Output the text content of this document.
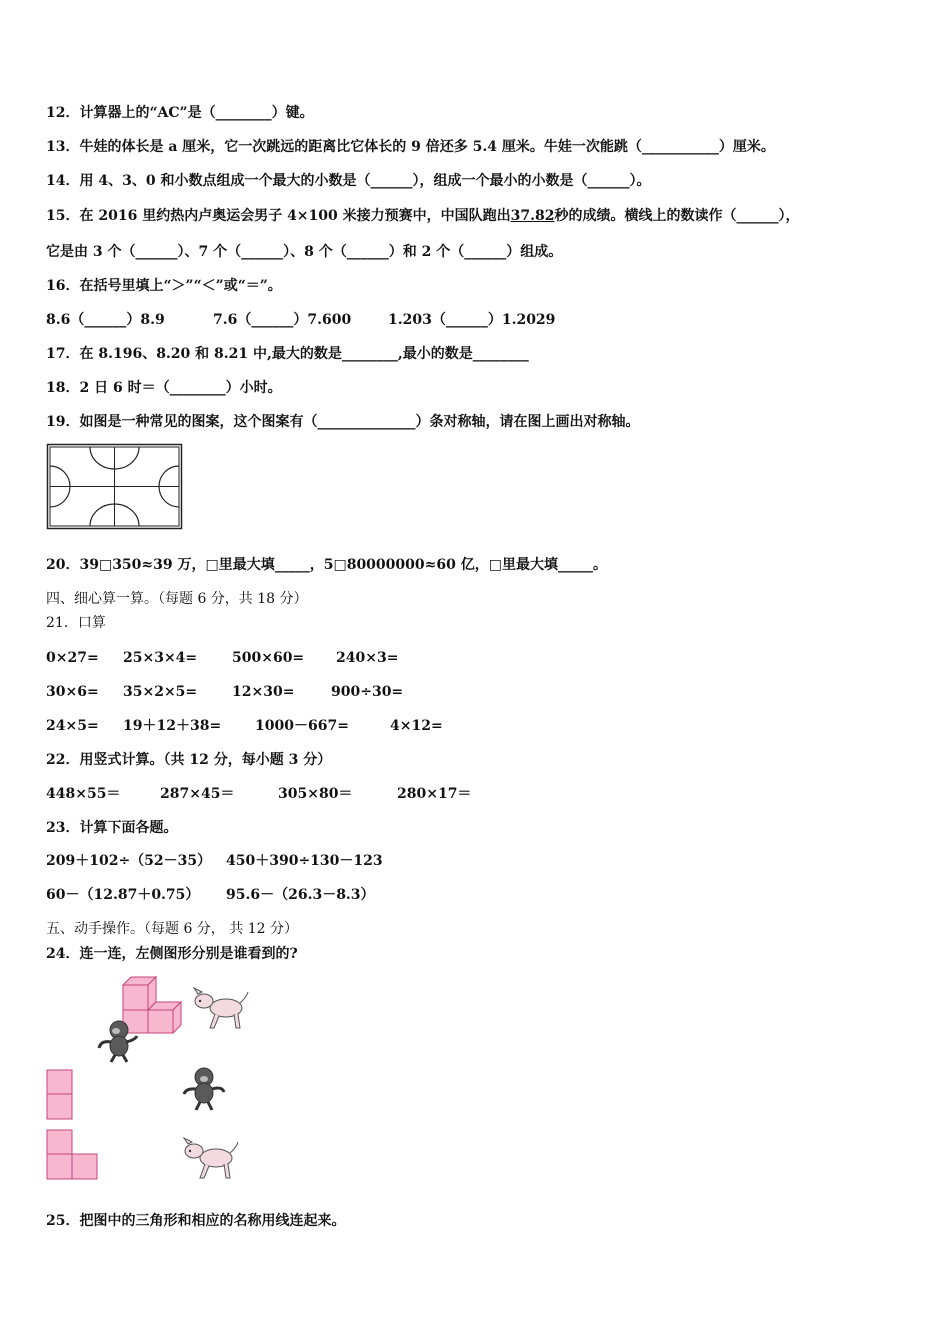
12．计算器上的“AC”是（________）键。
13．牛娃的体长是 a 厘米，它一次跳远的距离比它体长的 9 倍还多 5.4 厘米。牛娃一次能跳（___________）厘米。
14．用 4、3、0 和小数点组成一个最大的小数是（______），组成一个最小的小数是（______）。
15．在 2016 里约热内卢奥运会男子 4×100 米接力预赛中，中国队跑出37.82秒的成绩。横线上的数读作（______），
它是由 3 个（______）、7 个（______）、8 个（______）和 2 个（______）组成。
16．在括号里填上“＞”“＜”或“＝”。
8.6（______）8.9	7.6（______）7.600	1.203（______）1.2029
17．在 8.196、8.20 和 8.21 中,最大的数是________,最小的数是________
18．2 日 6 时＝（________）小时。
19．如图是一种常见的图案，这个图案有（______________）条对称轴，请在图上画出对称轴。
20．39□350≈39 万，□里最大填_____，5□80000000≈60 亿，□里最大填_____。
四、细心算一算。（每题 6 分，共 18 分）
21．口算
0×27= 25×3×4= 500×60= 240×3=
30×6= 35×2×5= 12×30=	900÷30=
24×5= 19＋12＋38= 1000－667=	4×12=
22．用竖式计算。（共 12 分，每小题 3 分）
448×55＝	287×45＝	305×80＝	280×17＝
23．计算下面各题。
209＋102÷（52－35） 450＋390÷130－123
60－（12.87＋0.75） 95.6－（26.3－8.3）
五、动手操作。（每题 6 分， 共 12 分）
24．连一连，左侧图形分别是谁看到的?
25．把图中的三角形和相应的名称用线连起来。
